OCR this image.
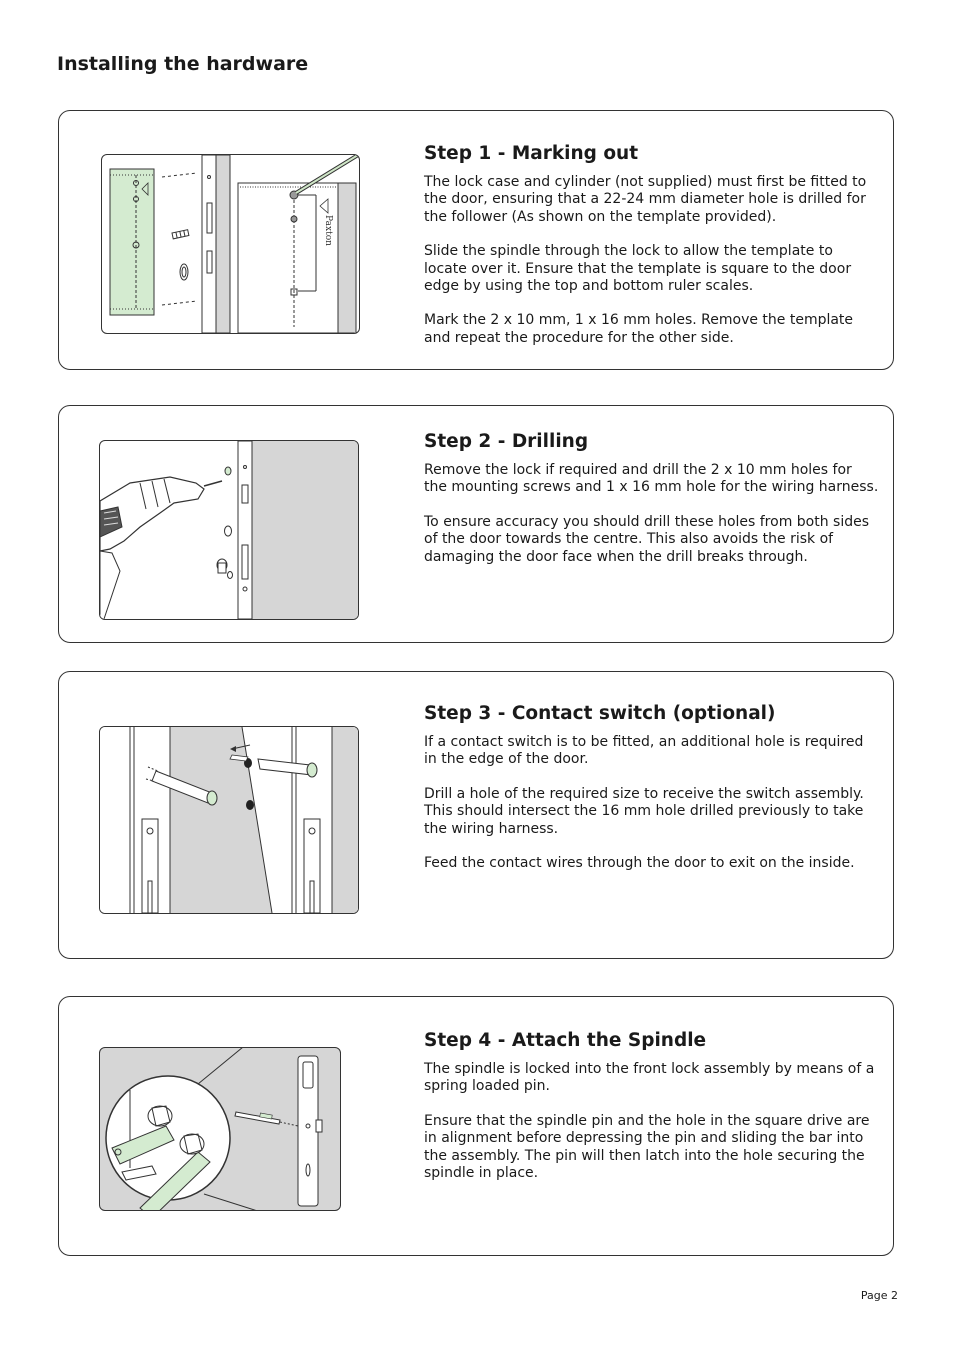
Installing the hardware
Paxton
Step 1 - Marking out

The lock case and cylinder (not supplied) must first be fitted to the door, ensuring that a 22-24 mm diameter hole is drilled for the follower (As shown on the template provided).

Slide the spindle through the lock to allow the template to locate over it. Ensure that the template is square to the door edge by using the top and bottom ruler scales.

Mark the 2 x 10 mm, 1 x 16 mm holes. Remove the template and repeat the procedure for the other side.

Step 2 - Drilling

Remove the lock if required and drill the 2 x 10 mm holes for the mounting screws and 1 x 16 mm hole for the wiring harness.

To ensure accuracy you should drill these holes from both sides of the door towards the centre. This also avoids the risk of damaging the door face when the drill breaks through.

Step 3 - Contact switch (optional)

If a contact switch is to be fitted, an additional hole is required in the edge of the door.

Drill a hole of the required size to receive the switch assembly. This should intersect the 16 mm hole drilled previously to take the wiring harness.

Feed the contact wires through the door to exit on the inside.

Step 4 - Attach the Spindle

The spindle is locked into the front lock assembly by means of a spring loaded pin.

Ensure that the spindle pin and the hole in the square drive are in alignment before depressing the pin and sliding the bar into the assembly. The pin will then latch into the hole securing the spindle in place.

Page 2
